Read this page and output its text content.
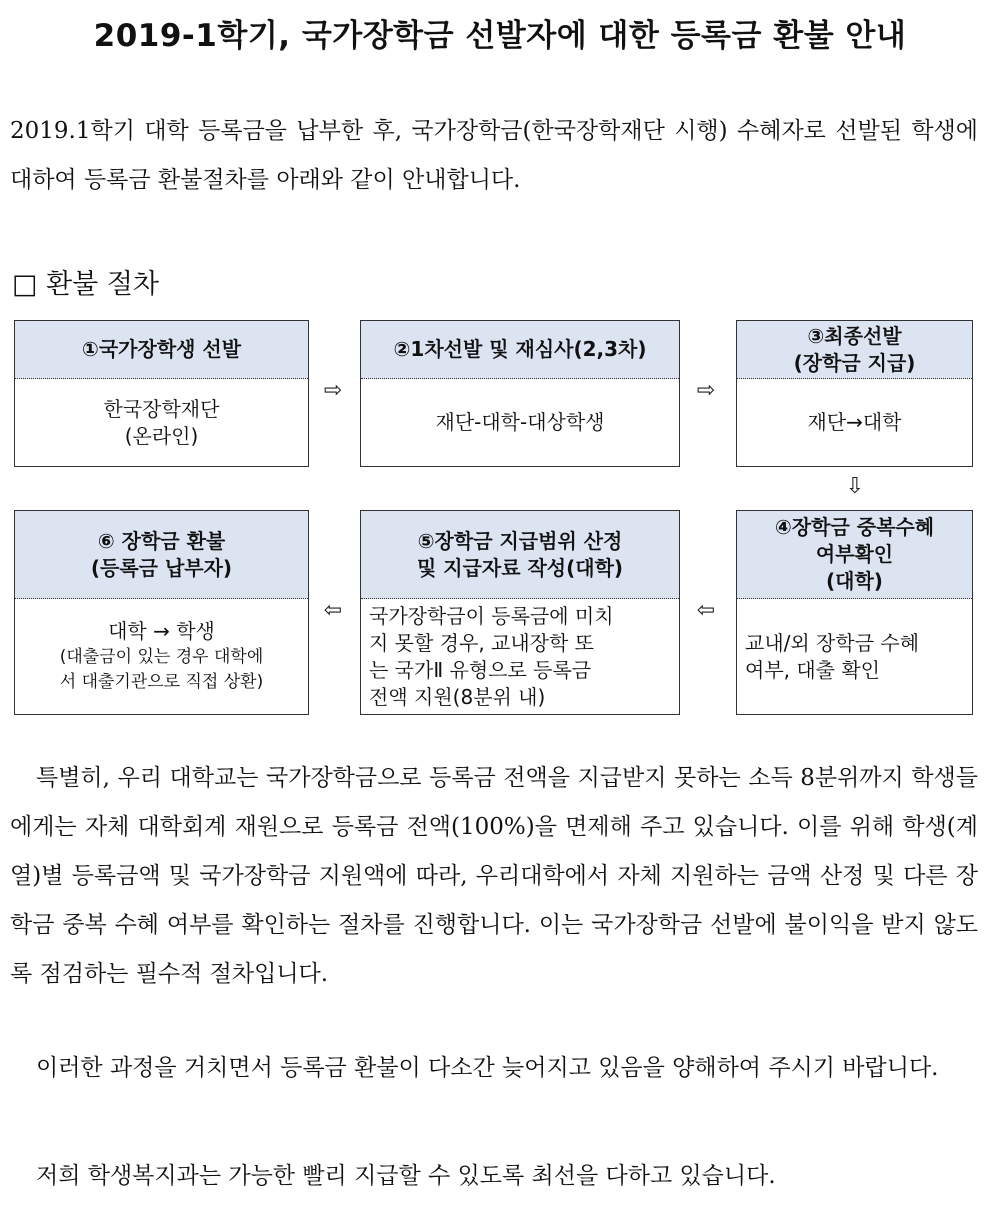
2019-1학기, 국가장학금 선발자에 대한 등록금 환불 안내
2019.1학기 대학 등록금을 납부한 후, 국가장학금(한국장학재단 시행) 수혜자로 선발된 학생에 대하여 등록금 환불절차를 아래와 같이 안내합니다.
□ 환불 절차
①국가장학생 선발
한국장학재단
(온라인)
⇨
②1차선발 및 재심사(2,3차)
재단-대학-대상학생
⇨
③최종선발
(장학금 지급)
재단→대학
⇩
⑥ 장학금 환불
(등록금 납부자)
대학 → 학생
(대출금이 있는 경우 대학에
서 대출기관으로 직접 상환)
⇦
⑤장학금 지급범위 산정
및 지급자료 작성(대학)
국가장학금이 등록금에 미치
지 못할 경우, 교내장학 또
는 국가Ⅱ 유형으로 등록금
전액 지원(8분위 내)
⇦
④장학금 중복수혜
여부확인
(대학)
교내/외 장학금 수혜
여부, 대출 확인
특별히, 우리 대학교는 국가장학금으로 등록금 전액을 지급받지 못하는 소득 8분위까지 학생들에게는 자체 대학회계 재원으로 등록금 전액(100%)을 면제해 주고 있습니다. 이를 위해 학생(계열)별 등록금액 및 국가장학금 지원액에 따라, 우리대학에서 자체 지원하는 금액 산정 및 다른 장학금 중복 수혜 여부를 확인하는 절차를 진행합니다. 이는 국가장학금 선발에 불이익을 받지 않도록 점검하는 필수적 절차입니다.
이러한 과정을 거치면서 등록금 환불이 다소간 늦어지고 있음을 양해하여 주시기 바랍니다.
저희 학생복지과는 가능한 빨리 지급할 수 있도록 최선을 다하고 있습니다.
